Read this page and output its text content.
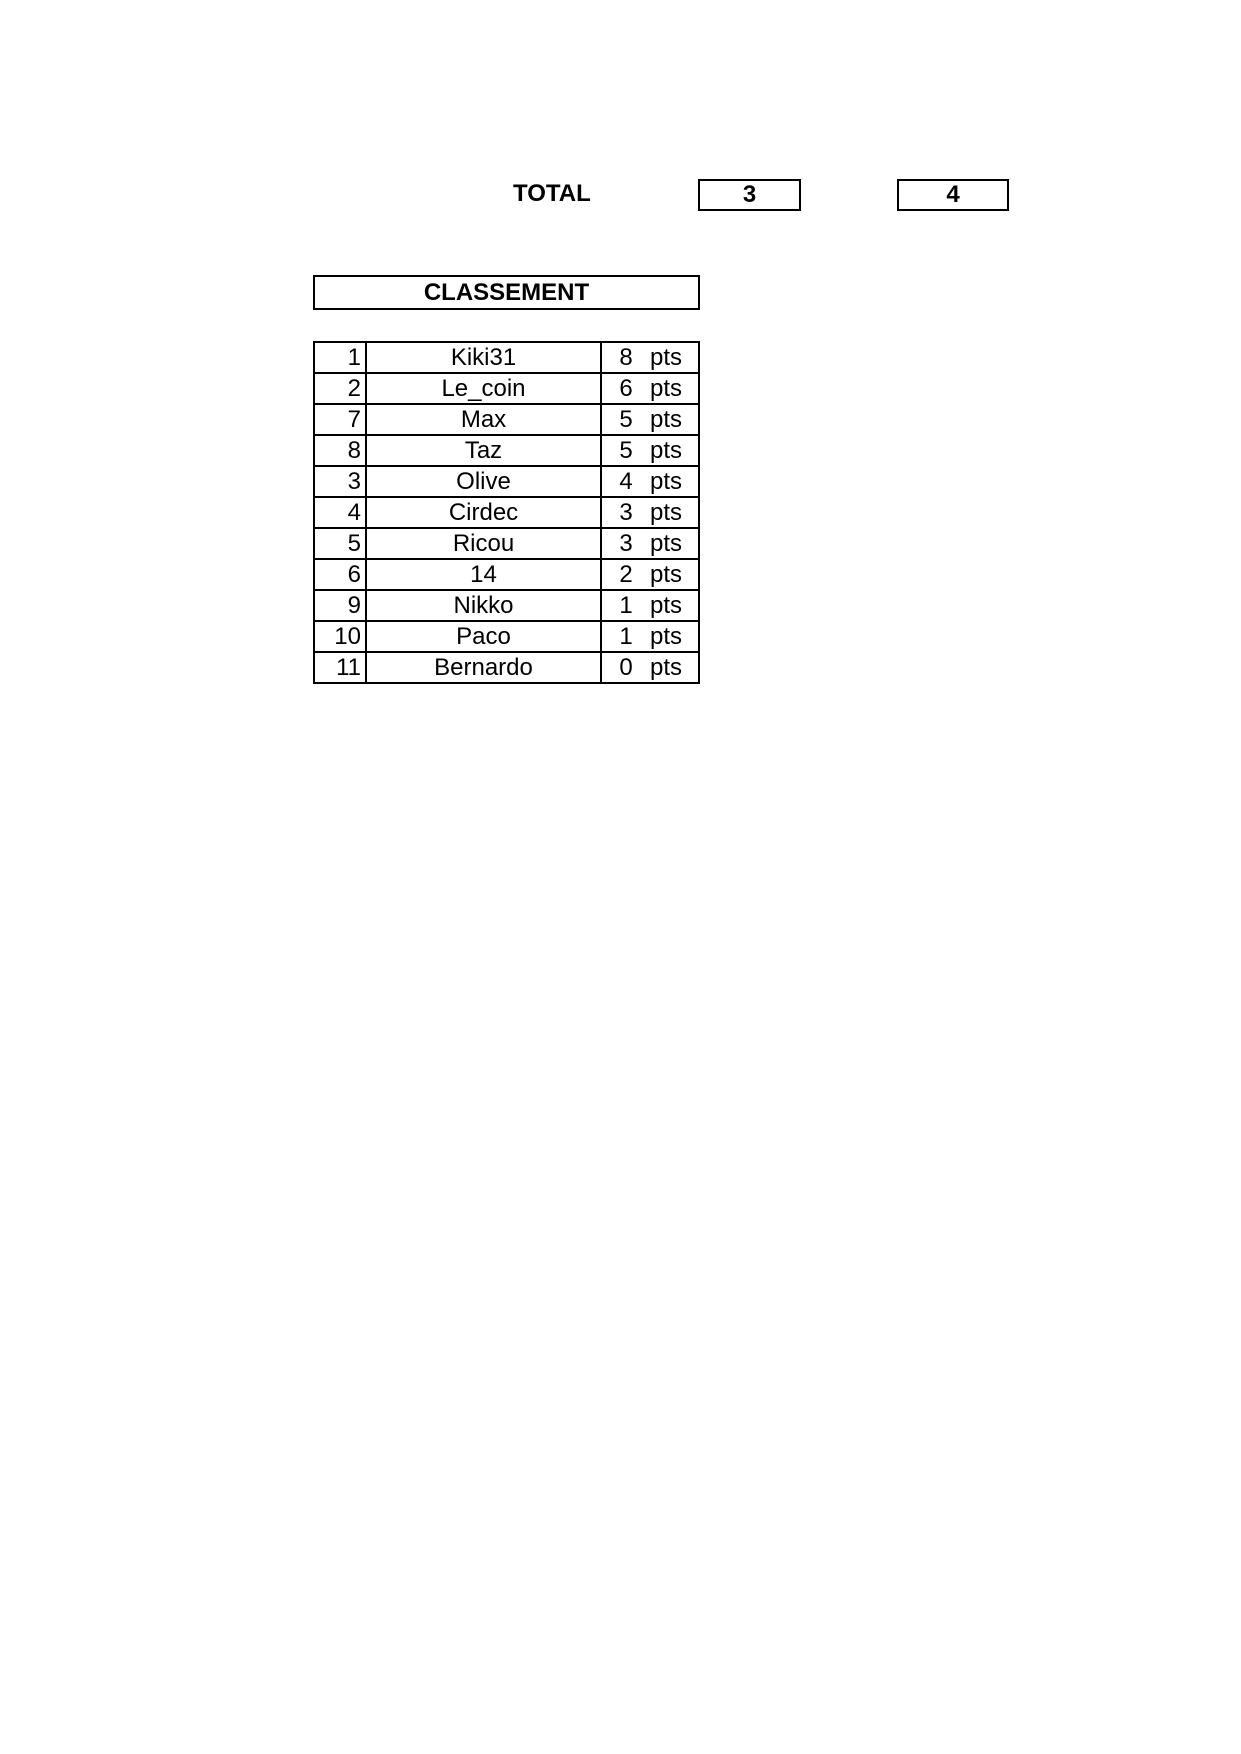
TOTAL	3	4
CLASSEMENT
1	Kiki31	8 pts
2	Le_coin	6 pts
7	Max	5 pts
8	Taz	5 pts
3	Olive	4 pts
4	Cirdec	3 pts
5	Ricou	3 pts
6	14	2 pts
9	Nikko	1 pts
10	Paco	1 pts
11	Bernardo	0 pts
